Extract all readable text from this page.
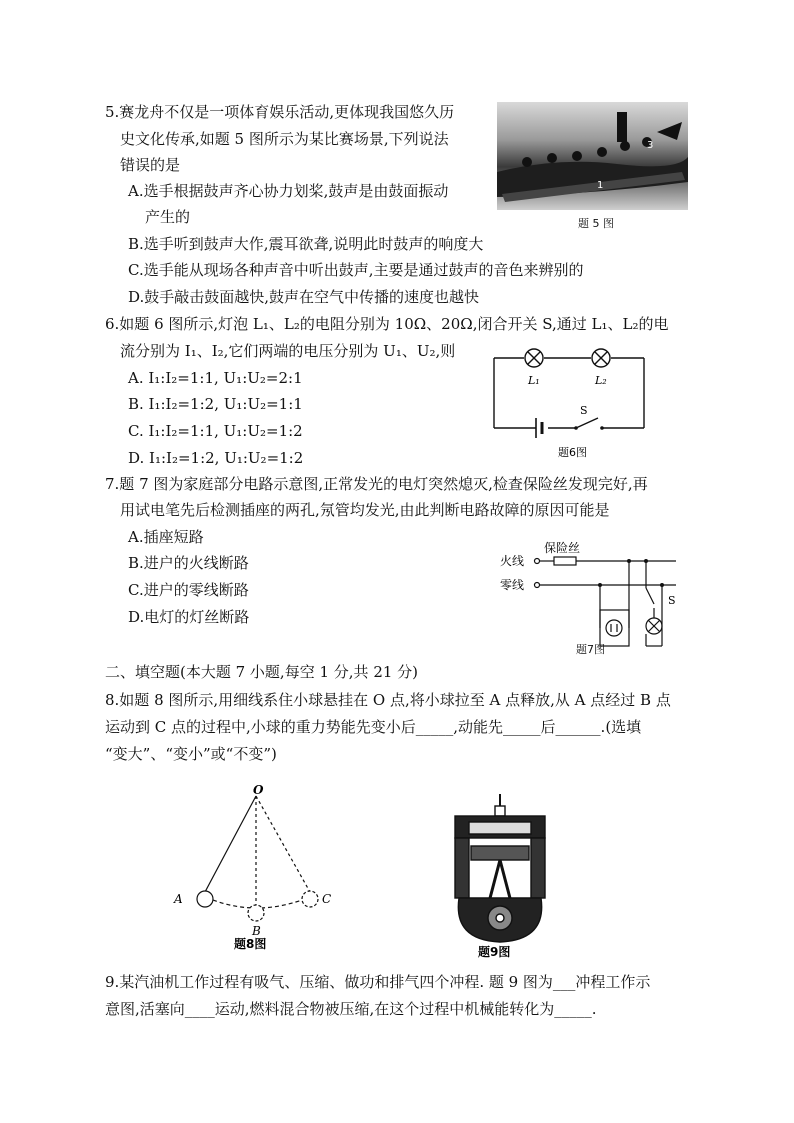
5.赛龙舟不仅是一项体育娱乐活动,更体现我国悠久历
史文化传承,如题 5 图所示为某比赛场景,下列说法
错误的是
A.选手根据鼓声齐心协力划桨,鼓声是由鼓面振动
产生的
B.选手听到鼓声大作,震耳欲聋,说明此时鼓声的响度大
C.选手能从现场各种声音中听出鼓声,主要是通过鼓声的音色来辨别的
D.鼓手敲击鼓面越快,鼓声在空气中传播的速度也越快
3
1
题 5 图
6.如题 6 图所示,灯泡 L₁、L₂的电阻分别为 10Ω、20Ω,闭合开关 S,通过 L₁、L₂的电
流分别为 I₁、I₂,它们两端的电压分别为 U₁、U₂,则
A. I₁:I₂=1:1, U₁:U₂=2:1
B. I₁:I₂=1:2, U₁:U₂=1:1
C. I₁:I₂=1:1, U₁:U₂=1:2
D. I₁:I₂=1:2, U₁:U₂=1:2
L₁	L₂
S
题6图
7.题 7 图为家庭部分电路示意图,正常发光的电灯突然熄灭,检查保险丝发现完好,再
用试电笔先后检测插座的两孔,氖管均发光,由此判断电路故障的原因可能是
A.插座短路
B.进户的火线断路
C.进户的零线断路
D.电灯的灯丝断路
火线
零线
保险丝
S
题7图
二、填空题(本大题 7 小题,每空 1 分,共 21 分)
8.如题 8 图所示,用细线系住小球悬挂在 O 点,将小球拉至 A 点释放,从 A 点经过 B 点
运动到 C 点的过程中,小球的重力势能先变小后_____,动能先_____后______.(选填
“变大”、“变小”或“不变”)
O
A
B
C
题8图
题9图
9.某汽油机工作过程有吸气、压缩、做功和排气四个冲程. 题 9 图为___冲程工作示
意图,活塞向____运动,燃料混合物被压缩,在这个过程中机械能转化为_____.
